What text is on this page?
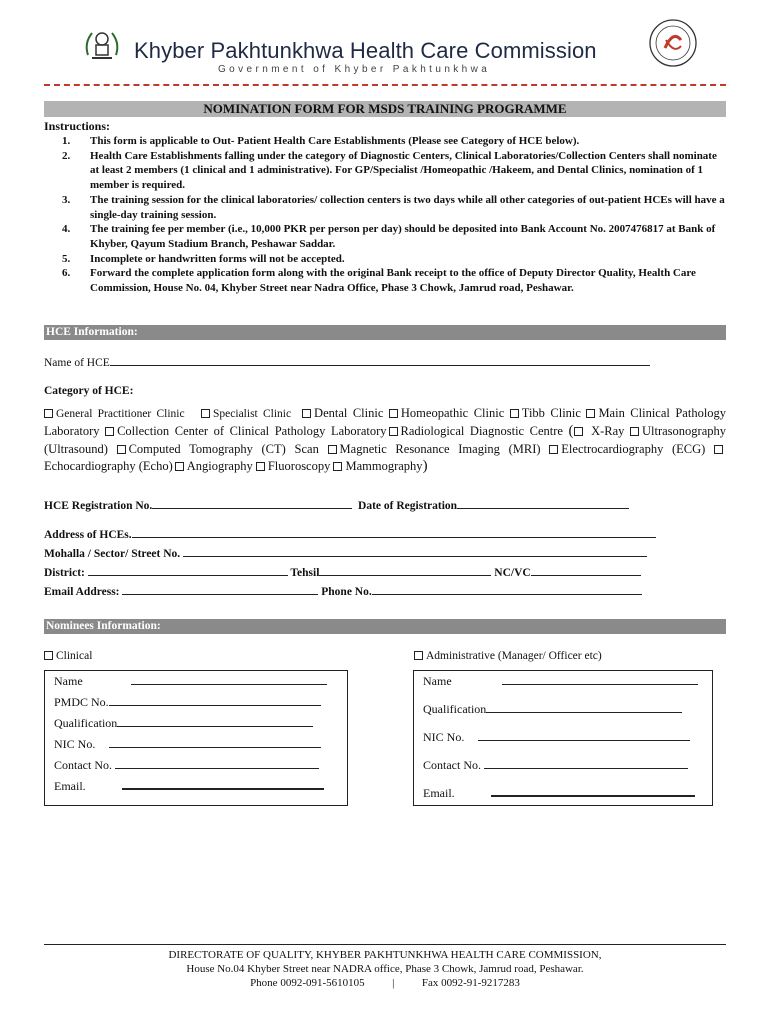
Khyber Pakhtunkhwa Health Care Commission
Government of Khyber Pakhtunkhwa
NOMINATION FORM FOR MSDS TRAINING PROGRAMME
Instructions:
1.	This form is applicable to Out- Patient Health Care Establishments (Please see Category of HCE below).
2.	Health Care Establishments falling under the category of Diagnostic Centers, Clinical Laboratories/Collection Centers shall nominate at least 2 members (1 clinical and 1 administrative). For GP/Specialist /Homeopathic /Hakeem, and Dental Clinics, nomination of 1 member is required.
3.	The training session for the clinical laboratories/ collection centers is two days while all other categories of out-patient HCEs will have a single-day training session.
4.	The training fee per member (i.e., 10,000 PKR per person per day) should be deposited into Bank Account No. 2007476817 at Bank of Khyber, Qayum Stadium Branch, Peshawar Saddar.
5.	Incomplete or handwritten forms will not be accepted.
6.	Forward the complete application form along with the original Bank receipt to the office of Deputy Director Quality, Health Care Commission, House No. 04, Khyber Street near Nadra Office, Phase 3 Chowk, Jamrud road, Peshawar.
HCE Information:
Name of HCE
Category of HCE:
General Practitioner Clinic Specialist Clinic Dental Clinic Homeopathic Clinic Tibb Clinic Main Clinical Pathology Laboratory Collection Center of Clinical Pathology Laboratory Radiological Diagnostic Centre ( X-Ray Ultrasonography (Ultrasound) Computed Tomography (CT) Scan Magnetic Resonance Imaging (MRI) Electrocardiography (ECG) Echocardiography (Echo) Angiography Fluoroscopy Mammography)
HCE Registration No.	Date of Registration
Address of HCEs.
Mohalla / Sector/ Street No.
District:	Tehsil	NC/VC
Email Address:	Phone No.
Nominees Information:
Clinical	Administrative (Manager/ Officer etc)
Name
PMDC No.
Qualification
NIC No.
Contact No.
Email.
Name
Qualification
NIC No.
Contact No.
Email.
DIRECTORATE OF QUALITY, KHYBER PAKHTUNKHWA HEALTH CARE COMMISSION,
House No.04 Khyber Street near NADRA office, Phase 3 Chowk, Jamrud road, Peshawar.
Phone 0092-091-5610105	|	Fax 0092-91-9217283
